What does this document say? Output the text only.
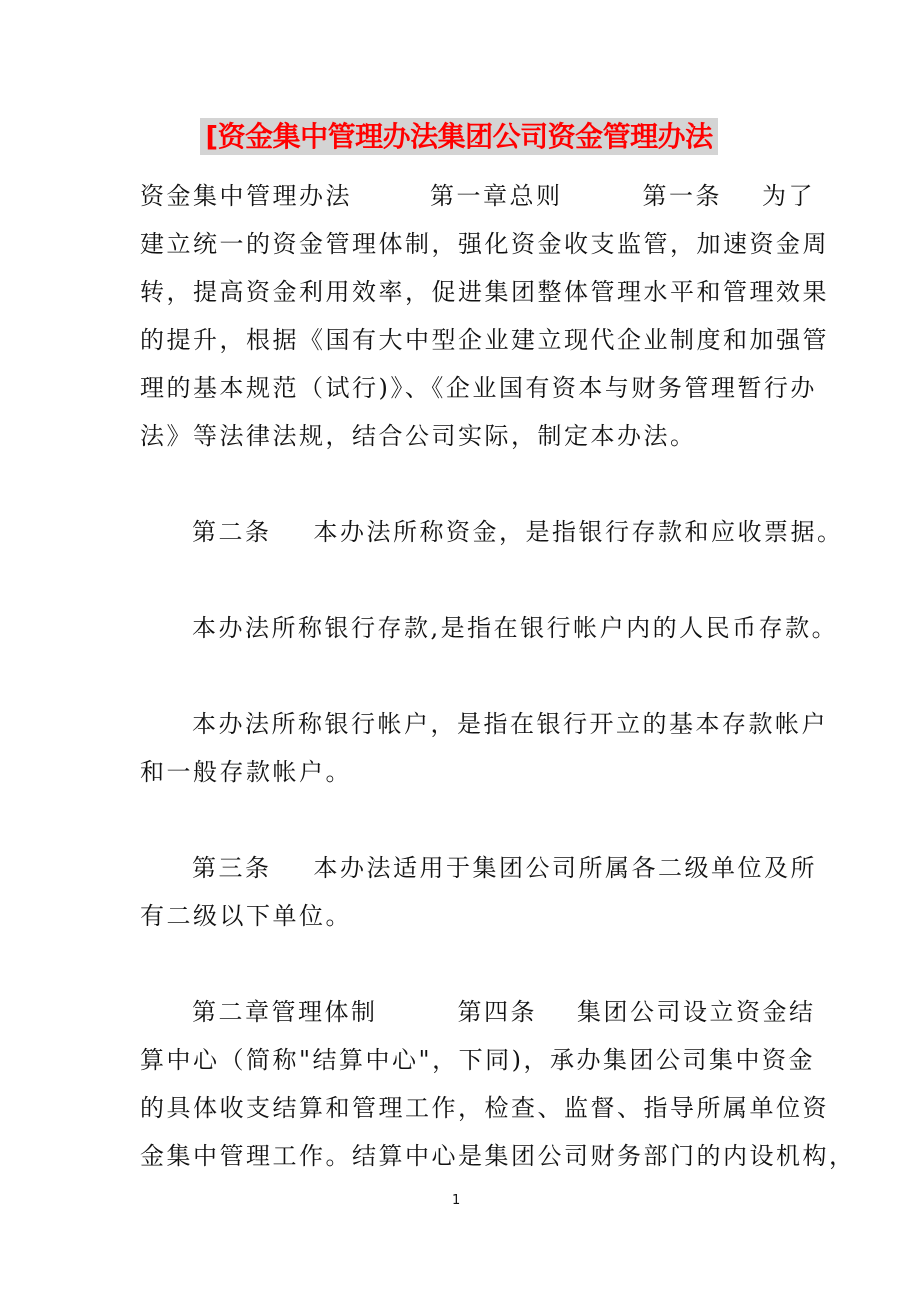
[资金集中管理办法集团公司资金管理办法
资金集中管理办法	第一章总则	第一条 为了
建立统一的资金管理体制，强化资金收支监管，加速资金周
转，提高资金利用效率，促进集团整体管理水平和管理效果
的提升，根据《国有大中型企业建立现代企业制度和加强管
理的基本规范（试行)》、《企业国有资本与财务管理暂行办
法》等法律法规，结合公司实际，制定本办法。
第二条 本办法所称资金，是指银行存款和应收票据。
本办法所称银行存款,是指在银行帐户内的人民币存款。
本办法所称银行帐户，是指在银行开立的基本存款帐户
和一般存款帐户。
第三条 本办法适用于集团公司所属各二级单位及所
有二级以下单位。
第二章管理体制	第四条 集团公司设立资金结
算中心（简称"结算中心"，下同)，承办集团公司集中资金
的具体收支结算和管理工作，检查、监督、指导所属单位资
金集中管理工作。结算中心是集团公司财务部门的内设机构，
1
